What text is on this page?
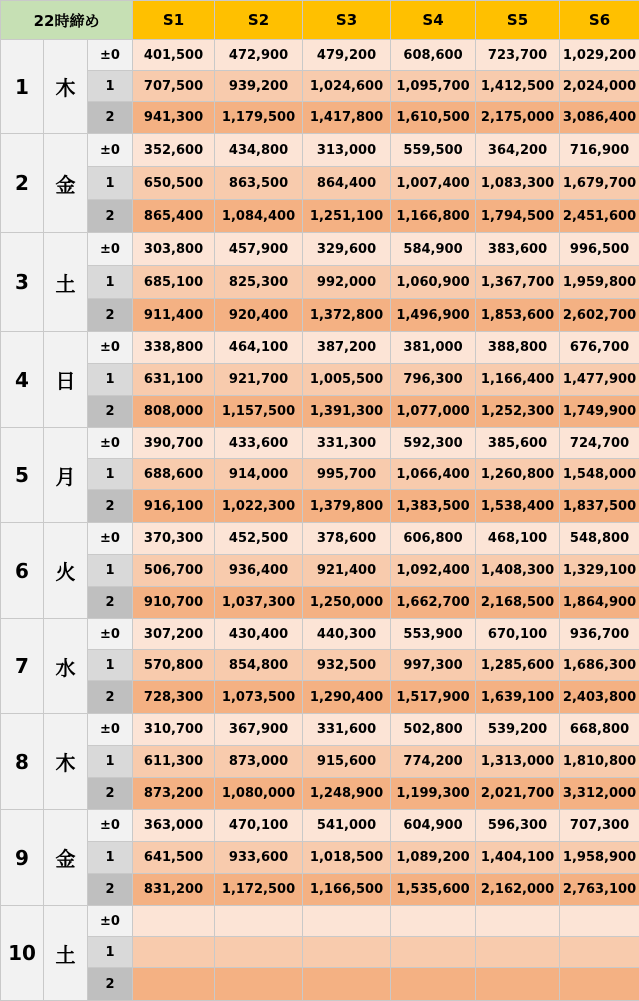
22時締め			S1	S2	S3	S4	S5	S6
1	木	±0	401,500	472,900	479,200	608,600	723,700	1,029,200
		1	707,500	939,200	1,024,600	1,095,700	1,412,500	2,024,000
		2	941,300	1,179,500	1,417,800	1,610,500	2,175,000	3,086,400
2	金	±0	352,600	434,800	313,000	559,500	364,200	716,900
		1	650,500	863,500	864,400	1,007,400	1,083,300	1,679,700
		2	865,400	1,084,400	1,251,100	1,166,800	1,794,500	2,451,600
3	土	±0	303,800	457,900	329,600	584,900	383,600	996,500
		1	685,100	825,300	992,000	1,060,900	1,367,700	1,959,800
		2	911,400	920,400	1,372,800	1,496,900	1,853,600	2,602,700
4	日	±0	338,800	464,100	387,200	381,000	388,800	676,700
		1	631,100	921,700	1,005,500	796,300	1,166,400	1,477,900
		2	808,000	1,157,500	1,391,300	1,077,000	1,252,300	1,749,900
5	月	±0	390,700	433,600	331,300	592,300	385,600	724,700
		1	688,600	914,000	995,700	1,066,400	1,260,800	1,548,000
		2	916,100	1,022,300	1,379,800	1,383,500	1,538,400	1,837,500
6	火	±0	370,300	452,500	378,600	606,800	468,100	548,800
		1	506,700	936,400	921,400	1,092,400	1,408,300	1,329,100
		2	910,700	1,037,300	1,250,000	1,662,700	2,168,500	1,864,900
7	水	±0	307,200	430,400	440,300	553,900	670,100	936,700
		1	570,800	854,800	932,500	997,300	1,285,600	1,686,300
		2	728,300	1,073,500	1,290,400	1,517,900	1,639,100	2,403,800
8	木	±0	310,700	367,900	331,600	502,800	539,200	668,800
		1	611,300	873,000	915,600	774,200	1,313,000	1,810,800
		2	873,200	1,080,000	1,248,900	1,199,300	2,021,700	3,312,000
9	金	±0	363,000	470,100	541,000	604,900	596,300	707,300
		1	641,500	933,600	1,018,500	1,089,200	1,404,100	1,958,900
		2	831,200	1,172,500	1,166,500	1,535,600	2,162,000	2,763,100
10	土	±0						
		1						
		2						
